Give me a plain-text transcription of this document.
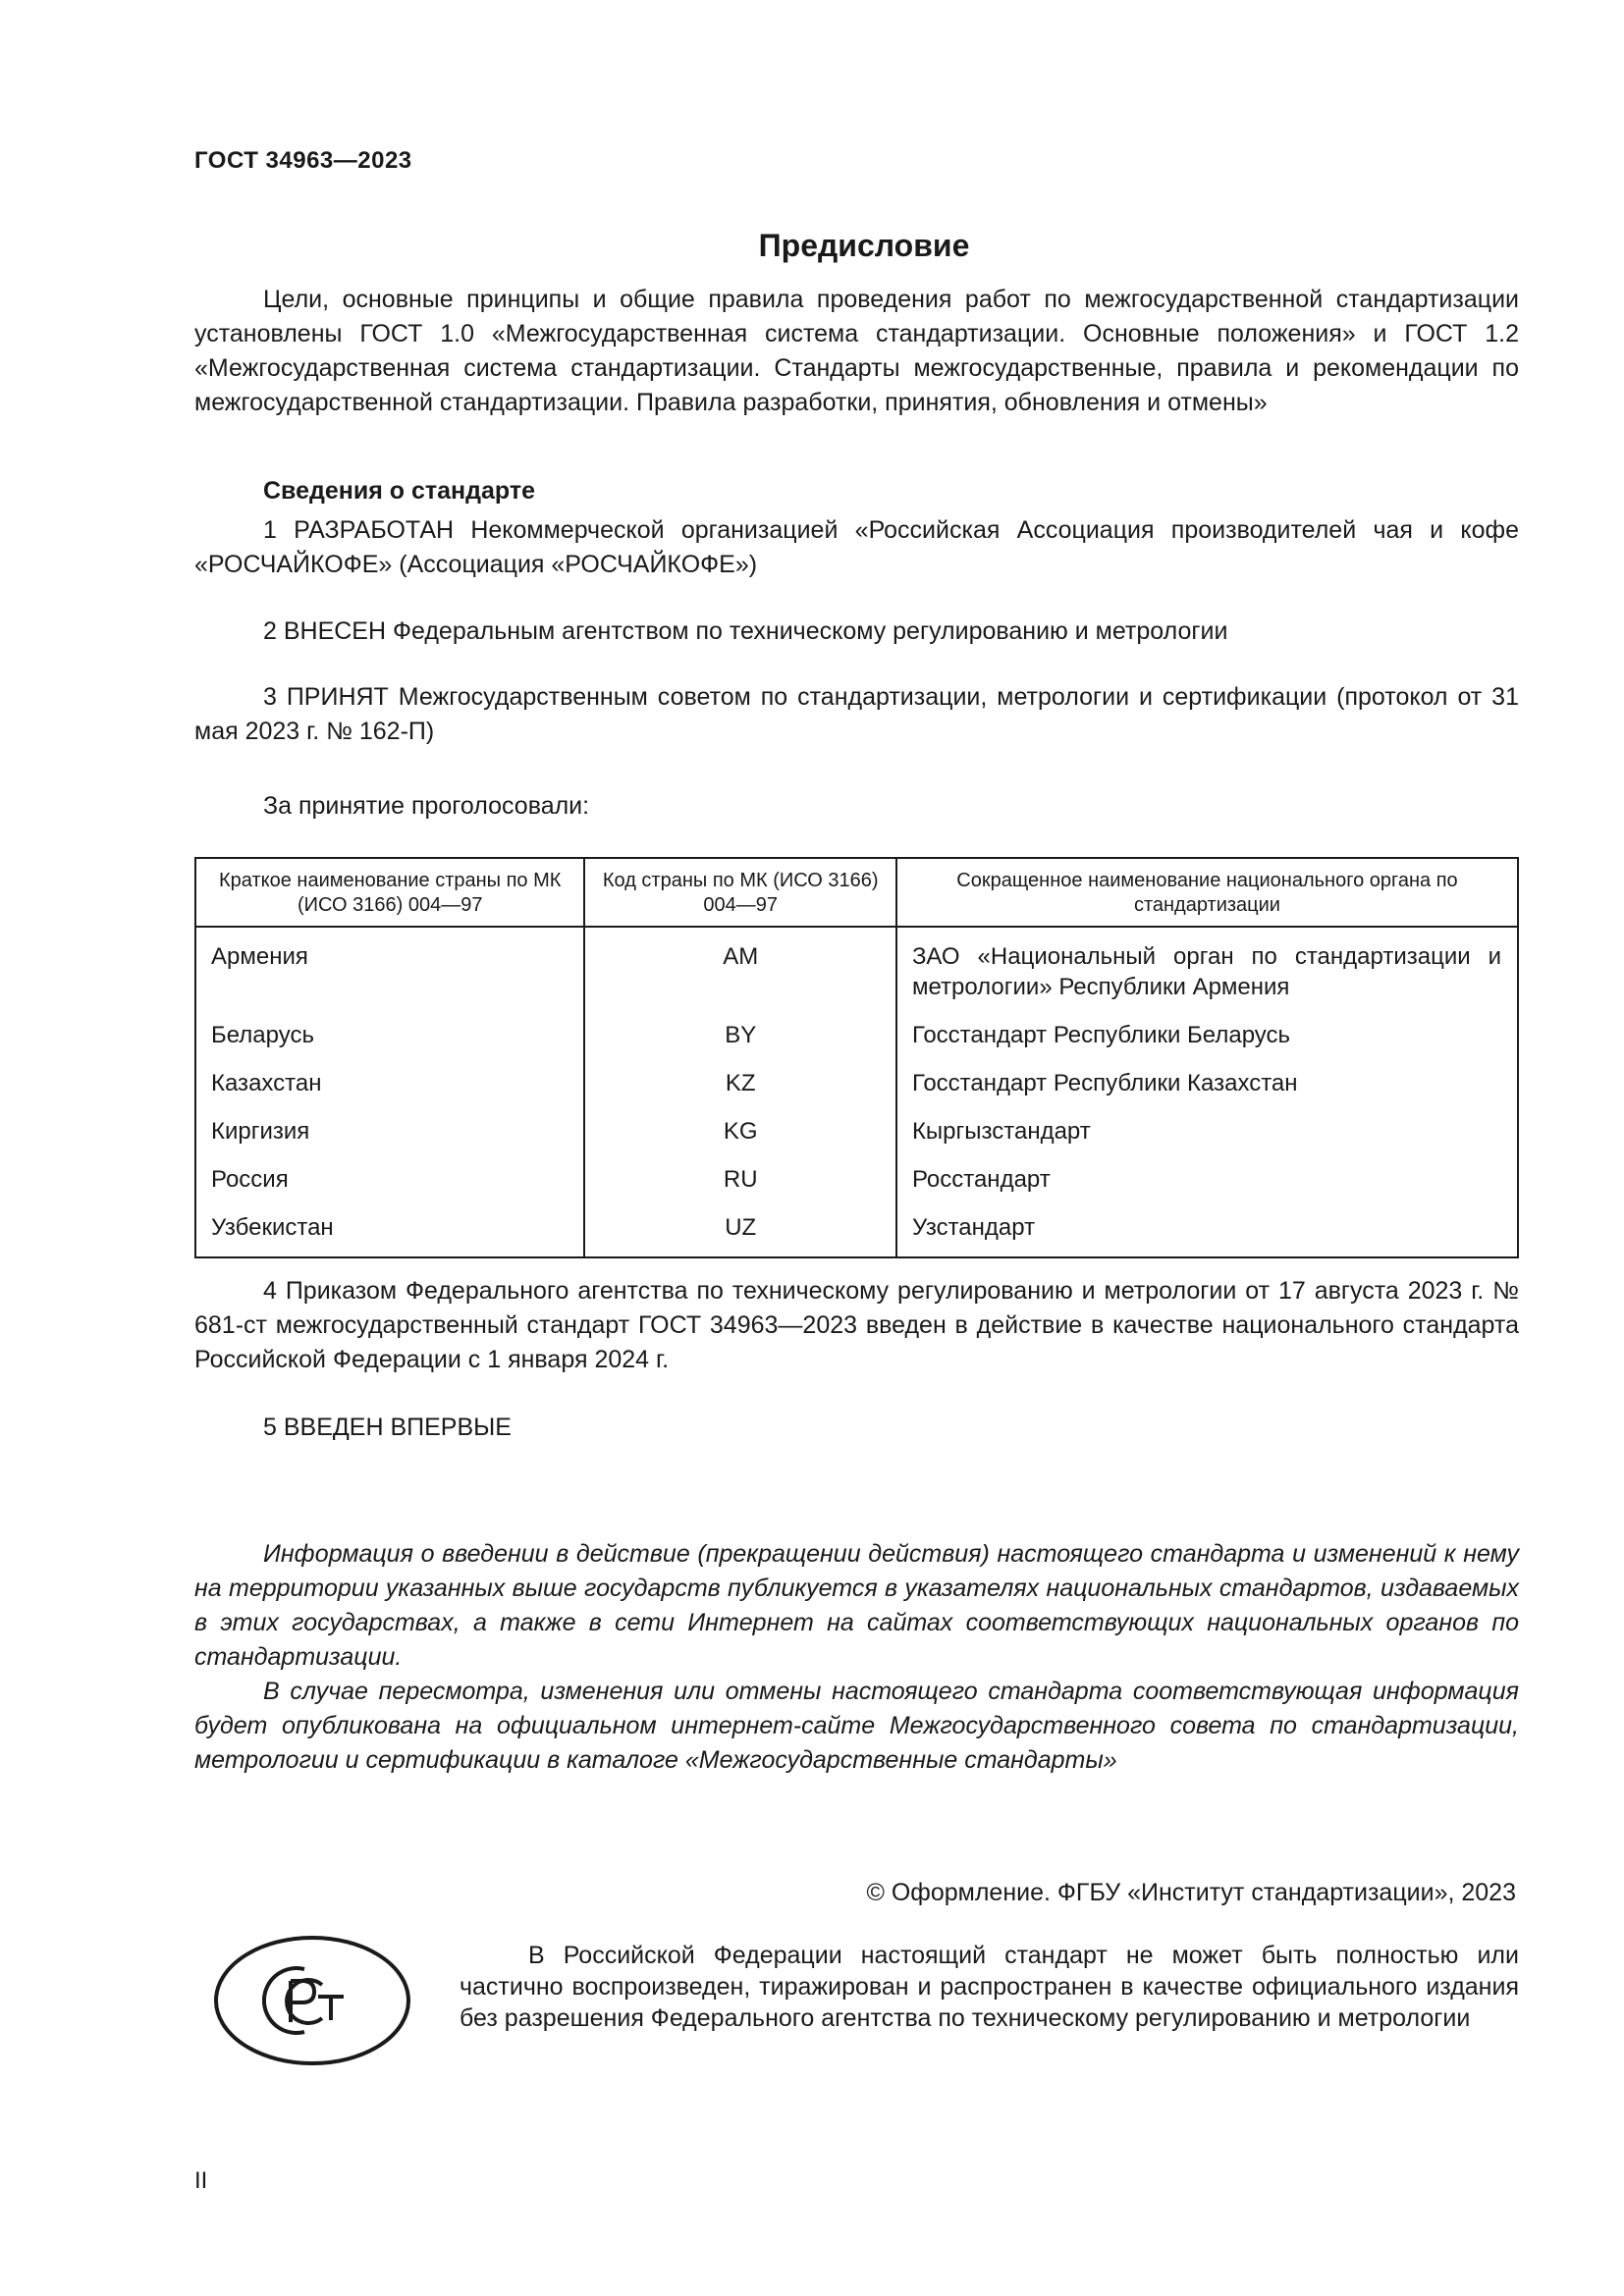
ГОСТ 34963—2023
Предисловие
Цели, основные принципы и общие правила проведения работ по межгосударственной стандартизации установлены ГОСТ 1.0 «Межгосударственная система стандартизации. Основные положения» и ГОСТ 1.2 «Межгосударственная система стандартизации. Стандарты межгосударственные, правила и рекомендации по межгосударственной стандартизации. Правила разработки, принятия, обновления и отмены»
Сведения о стандарте
1 РАЗРАБОТАН Некоммерческой организацией «Российская Ассоциация производителей чая и кофе «РОСЧАЙКОФЕ» (Ассоциация «РОСЧАЙКОФЕ»)
2 ВНЕСЕН Федеральным агентством по техническому регулированию и метрологии
3 ПРИНЯТ Межгосударственным советом по стандартизации, метрологии и сертификации (протокол от 31 мая 2023 г. № 162-П)
За принятие проголосовали:
Краткое наименование страны по МК (ИСО 3166) 004—97	Код страны по МК (ИСО 3166) 004—97	Сокращенное наименование национального органа по стандартизации
Армения	AM	ЗАО «Национальный орган по стандартизации и метрологии» Республики Армения
Беларусь	BY	Госстандарт Республики Беларусь
Казахстан	KZ	Госстандарт Республики Казахстан
Киргизия	KG	Кыргызстандарт
Россия	RU	Росстандарт
Узбекистан	UZ	Узстандарт
4 Приказом Федерального агентства по техническому регулированию и метрологии от 17 августа 2023 г. № 681-ст межгосударственный стандарт ГОСТ 34963—2023 введен в действие в качестве национального стандарта Российской Федерации с 1 января 2024 г.
5 ВВЕДЕН ВПЕРВЫЕ
Информация о введении в действие (прекращении действия) настоящего стандарта и изменений к нему на территории указанных выше государств публикуется в указателях национальных стандартов, издаваемых в этих государствах, а также в сети Интернет на сайтах соответствующих национальных органов по стандартизации.
В случае пересмотра, изменения или отмены настоящего стандарта соответствующая информация будет опубликована на официальном интернет-сайте Межгосударственного совета по стандартизации, метрологии и сертификации в каталоге «Межгосударственные стандарты»
© Оформление. ФГБУ «Институт стандартизации», 2023
В Российской Федерации настоящий стандарт не может быть полностью или частично воспроизведен, тиражирован и распространен в качестве официального издания без разрешения Федерального агентства по техническому регулированию и метрологии
II
